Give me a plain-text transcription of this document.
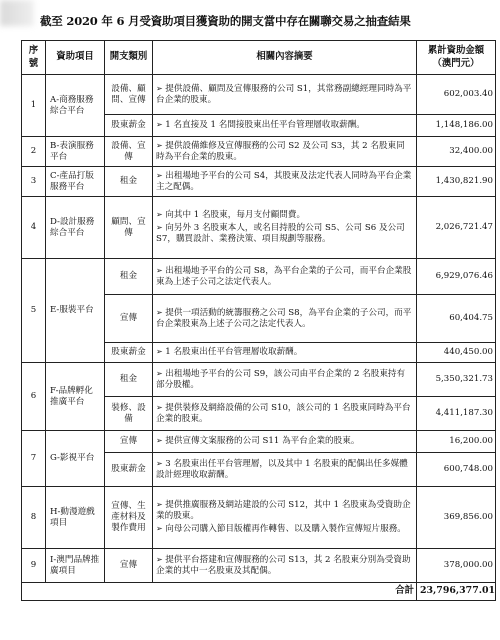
截至 2020 年 6 月受資助項目獲資助的開支當中存在關聯交易之抽查結果
序號	資助項目	開支類別	相關內容摘要	累計資助金額（澳門元）
1	A-商務服務綜合平台	設備、顧問、宣傳	➢ 提供設備、顧問及宣傳服務的公司 S1，其常務副總經理同時為平台企業的股東。	602,003.40
		股東薪金	➢ 1 名直接及 1 名間接股東出任平台管理層收取薪酬。	1,148,186.00
2	B-表演服務平台	設備、宣傳	➢ 提供設備維修及宣傳服務的公司 S2 及公司 S3，其 2 名股東同時為平台企業的股東。	32,400.00
3	C-產品打版服務平台	租金	➢ 出租場地予平台的公司 S4，其股東及法定代表人同時為平台企業主之配偶。	1,430,821.90
4	D-設計服務綜合平台	顧問、宣傳	➢ 向其中 1 名股東，每月支付顧問費。
➢ 向另外 3 名股東本人，或名目持股的公司 S5、公司 S6 及公司 S7，購買設計、業務決策、項目規劃等服務。	2,026,721.47
5	E-服裝平台	租金	➢ 出租場地予平台的公司 S8，為平台企業的子公司，而平台企業股東為上述子公司之法定代表人。	6,929,076.46
		宣傳	➢ 提供一項活動的統籌服務之公司 S8，為平台企業的子公司，而平台企業股東為上述子公司之法定代表人。	60,404.75
		股東薪金	➢ 1 名股東出任平台管理層收取薪酬。	440,450.00
6	F-品牌孵化推廣平台	租金	➢ 出租場地予平台的公司 S9，該公司由平台企業的 2 名股東持有部分股權。	5,350,321.73
		裝修、設備	➢ 提供裝修及網絡設備的公司 S10，該公司的 1 名股東同時為平台企業的股東。	4,411,187.30
7	G-影視平台	宣傳	➢ 提供宣傳文案服務的公司 S11 為平台企業的股東。	16,200.00
		股東薪金	➢ 3 名股東出任平台管理層，以及其中 1 名股東的配偶出任多媒體設計經理收取薪酬。	600,748.00
8	H-動漫遊戲項目	宣傳、生產材料及製作費用	➢ 提供推廣服務及網站建設的公司 S12，其中 1 名股東為受資助企業的股東。
➢ 向母公司購入節目版權再作轉售、以及購入製作宣傳短片服務。	369,856.00
9	I-澳門品牌推廣項目	宣傳	➢ 提供平台搭建和宣傳服務的公司 S13，其 2 名股東分別為受資助企業的其中一名股東及其配偶。	378,000.00
合計				23,796,377.01
